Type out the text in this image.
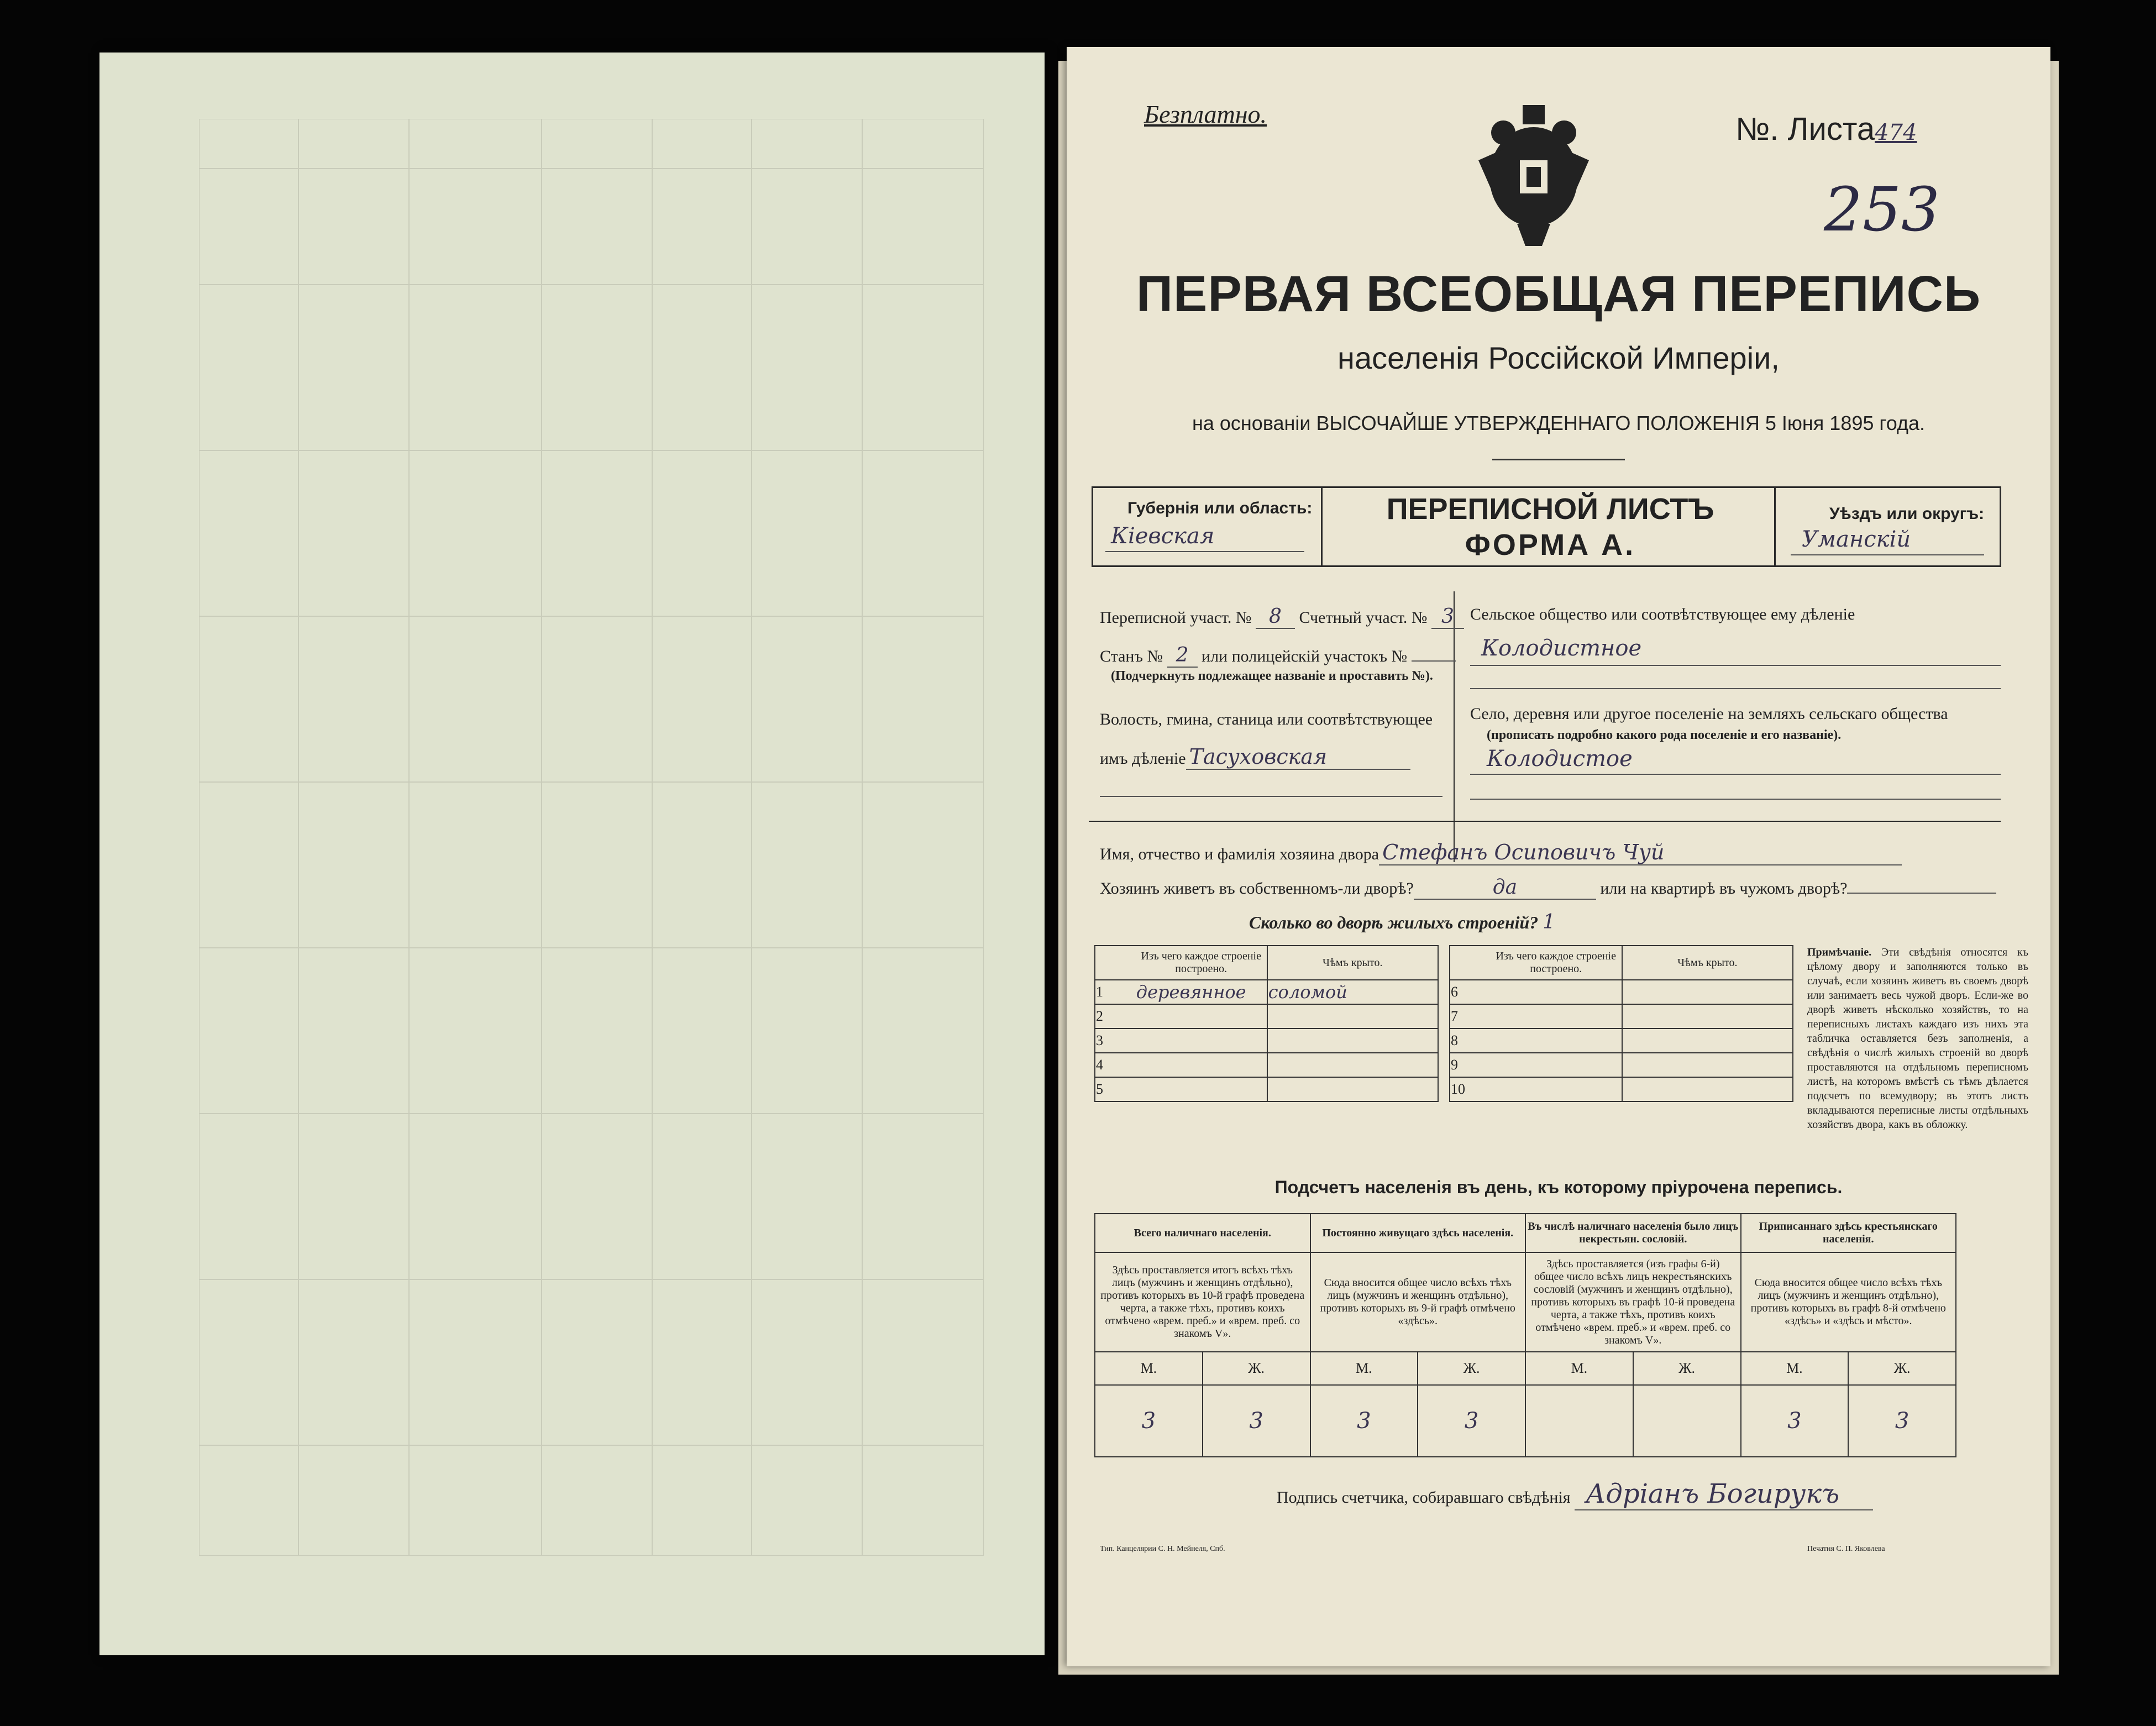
Безплатно.	№. Листа474
253
ПЕРВАЯ ВСЕОБЩАЯ ПЕРЕПИСЬ
населенія Россійской Имперіи,
на основаніи ВЫСОЧАЙШЕ УТВЕРЖДЕННАГО ПОЛОЖЕНІЯ 5 Іюня 1895 года.
Губернія или область:
Кіевская
ПЕРЕПИСНОЙ ЛИСТЪ
ФОРМА А.
Уѣздъ или округъ:
Уманскій
Переписной участ. № 8 Счетный участ. № 3
Станъ № 2 или полицейскій участокъ №
(Подчеркнуть подлежащее названіе и проставить №).
Волость, гмина, станица или соотвѣтствующее
имъ дѣленіе Тасуховская
Сельское общество или соотвѣтствующее ему дѣленіе
Колодистное
Село, деревня или другое поселеніе на земляхъ сельскаго общества
(прописать подробно какого рода поселеніе и его названіе).
Колодистое
Имя, отчество и фамилія хозяина двора Стефанъ Осиповичъ Чуй
Хозяинъ живетъ въ собственномъ-ли дворѣ?	да	или на квартирѣ въ чужомъ дворѣ?
Сколько во дворѣ жилыхъ строеній? 1
	Изъ чего каждое строеніе построено.	Чѣмъ крыто.			Изъ чего каждое строеніе построено.	Чѣмъ крыто.
1	деревянное	соломой		6		
2				7		
3				8		
4				9		
5				10		
Примѣчаніе. Эти свѣдѣнія относятся къ цѣлому двору и заполняются только въ случаѣ, если хозяинъ живетъ въ своемъ дворѣ или занимаетъ весь чужой дворъ. Если-же во дворѣ живетъ нѣсколько хозяйствъ, то на переписныхъ листахъ каждаго изъ нихъ эта табличка оставляется безъ заполненія, а свѣдѣнія о числѣ жилыхъ строеній во дворѣ проставляются на отдѣльномъ переписномъ листѣ, на которомъ вмѣстѣ съ тѣмъ дѣлается подсчетъ по всемудвору; въ этотъ листъ вкладываются переписные листы отдѣльныхъ хозяйствъ двора, какъ въ обложку.
Подсчетъ населенія въ день, къ которому пріурочена перепись.
Всего наличнаго населенія.		Постоянно живущаго здѣсь населенія.		Въ числѣ наличнаго населенія было лицъ некрестьян. сословій.		Приписаннаго здѣсь крестьянскаго населенія.	
Здѣсь проставляется итогъ всѣхъ тѣхъ лицъ (мужчинъ и женщинъ отдѣльно), противъ которыхъ въ 10-й графѣ проведена черта, а также тѣхъ, противъ коихъ отмѣчено «врем. преб.» и «врем. преб. со знакомъ V».		Сюда вносится общее число всѣхъ тѣхъ лицъ (мужчинъ и женщинъ отдѣльно), противъ которыхъ въ 9-й графѣ отмѣчено «здѣсь».		Здѣсь проставляется (изъ графы 6-й) общее число всѣхъ лицъ некрестьянскихъ сословій (мужчинъ и женщинъ отдѣльно), противъ которыхъ въ графѣ 10-й проведена черта, а также тѣхъ, противъ коихъ отмѣчено «врем. преб.» и «врем. преб. со знакомъ V».		Сюда вносится общее число всѣхъ тѣхъ лицъ (мужчинъ и женщинъ отдѣльно), противъ которыхъ въ графѣ 8-й отмѣчено «здѣсь» и «здѣсь и мѣсто».	
М.	Ж.	М.	Ж.	М.	Ж.	М.	Ж.
3	3	3	3			3	3
Подпись счетчика, собиравшаго свѣдѣнія Адріанъ Богирукъ
Тип. Канцелярии С. Н. Мейнеля, Спб.	Печатня С. П. Яковлева
